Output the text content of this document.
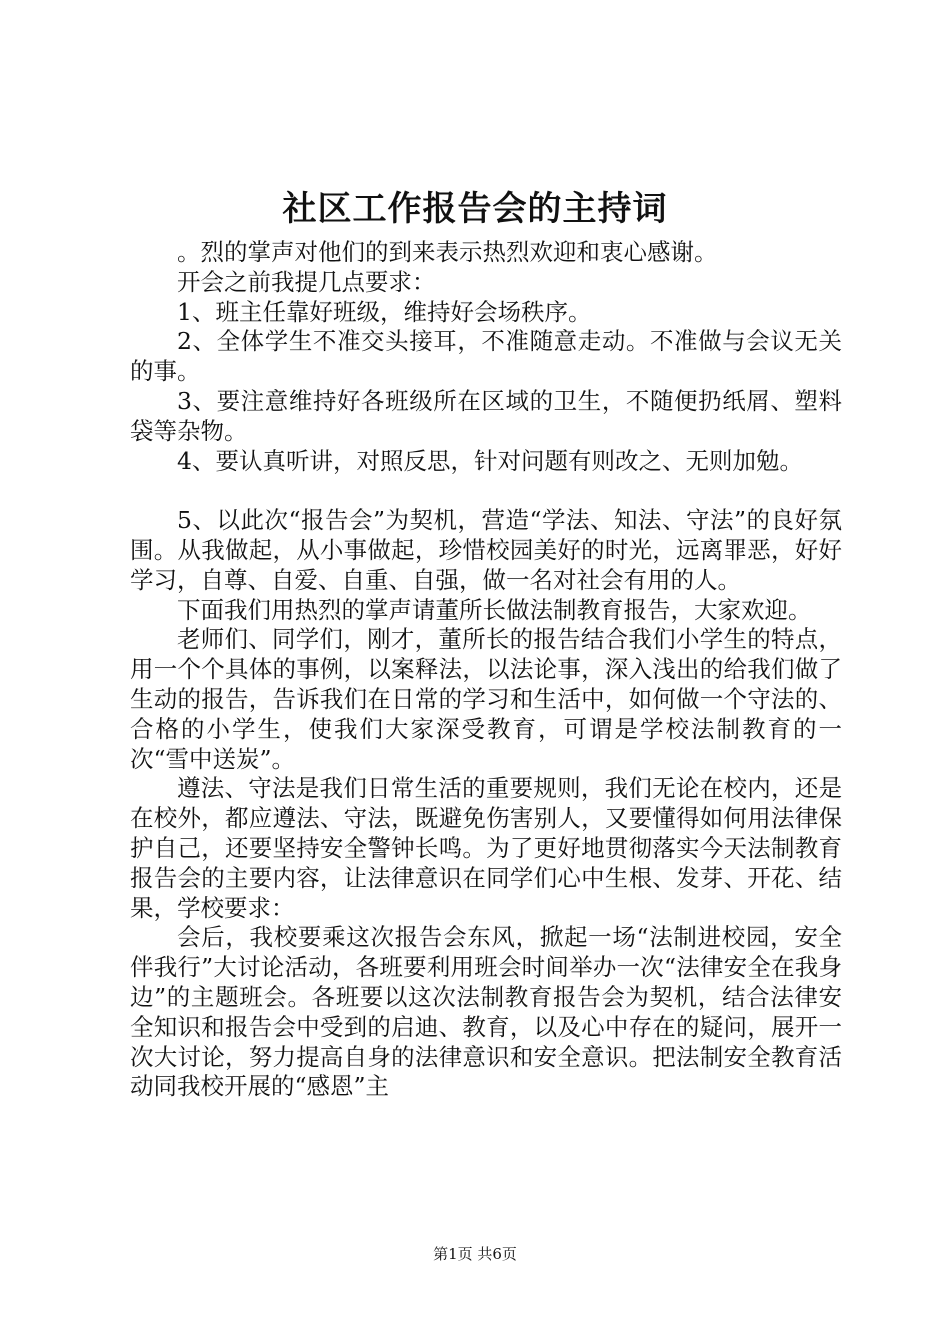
社区工作报告会的主持词

。烈的掌声对他们的到来表示热烈欢迎和衷心感谢。

开会之前我提几点要求：

1、班主任靠好班级，维持好会场秩序。

2、全体学生不准交头接耳，不准随意走动。不准做与会议无关的事。

3、要注意维持好各班级所在区域的卫生，不随便扔纸屑、塑料袋等杂物。

4、要认真听讲，对照反思，针对问题有则改之、无则加勉。

5、以此次“报告会”为契机，营造“学法、知法、守法”的良好氛围。从我做起，从小事做起，珍惜校园美好的时光，远离罪恶，好好学习，自尊、自爱、自重、自强，做一名对社会有用的人。

下面我们用热烈的掌声请董所长做法制教育报告，大家欢迎。

老师们、同学们，刚才，董所长的报告结合我们小学生的特点，用一个个具体的事例，以案释法，以法论事，深入浅出的给我们做了生动的报告，告诉我们在日常的学习和生活中，如何做一个守法的、合格的小学生，使我们大家深受教育，可谓是学校法制教育的一次“雪中送炭”。

遵法、守法是我们日常生活的重要规则，我们无论在校内，还是在校外，都应遵法、守法，既避免伤害别人，又要懂得如何用法律保护自己，还要坚持安全警钟长鸣。为了更好地贯彻落实今天法制教育报告会的主要内容，让法律意识在同学们心中生根、发芽、开花、结果，学校要求：

会后，我校要乘这次报告会东风，掀起一场“法制进校园，安全伴我行”大讨论活动，各班要利用班会时间举办一次“法律安全在我身边”的主题班会。各班要以这次法制教育报告会为契机，结合法律安全知识和报告会中受到的启迪、教育，以及心中存在的疑问，展开一次大讨论，努力提高自身的法律意识和安全意识。把法制安全教育活动同我校开展的“感恩”主

第1页 共6页
